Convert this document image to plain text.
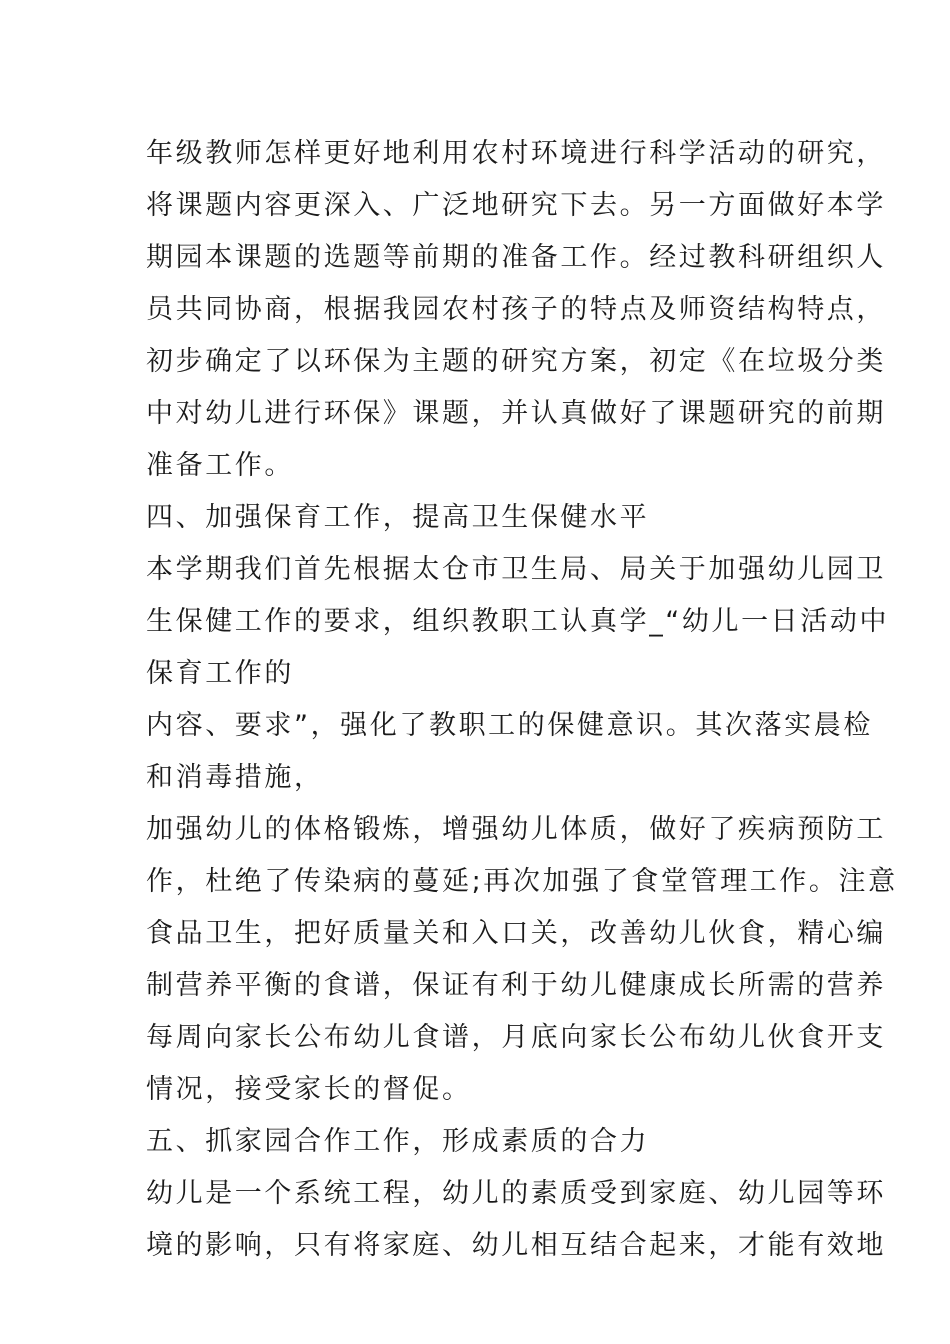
年级教师怎样更好地利用农村环境进行科学活动的研究，
将课题内容更深入、广泛地研究下去。另一方面做好本学
期园本课题的选题等前期的准备工作。经过教科研组织人
员共同协商，根据我园农村孩子的特点及师资结构特点，
初步确定了以环保为主题的研究方案，初定《在垃圾分类
中对幼儿进行环保》课题，并认真做好了课题研究的前期
准备工作。
四、加强保育工作，提高卫生保健水平
本学期我们首先根据太仓市卫生局、局关于加强幼儿园卫
生保健工作的要求，组织教职工认真学_“幼儿一日活动中
保育工作的
内容、要求”，强化了教职工的保健意识。其次落实晨检
和消毒措施，
加强幼儿的体格锻炼，增强幼儿体质，做好了疾病预防工
作，杜绝了传染病的蔓延;再次加强了食堂管理工作。注意
食品卫生，把好质量关和入口关，改善幼儿伙食，精心编
制营养平衡的食谱，保证有利于幼儿健康成长所需的营养
每周向家长公布幼儿食谱，月底向家长公布幼儿伙食开支
情况，接受家长的督促。
五、抓家园合作工作，形成素质的合力
幼儿是一个系统工程，幼儿的素质受到家庭、幼儿园等环
境的影响，只有将家庭、幼儿相互结合起来，才能有效地
